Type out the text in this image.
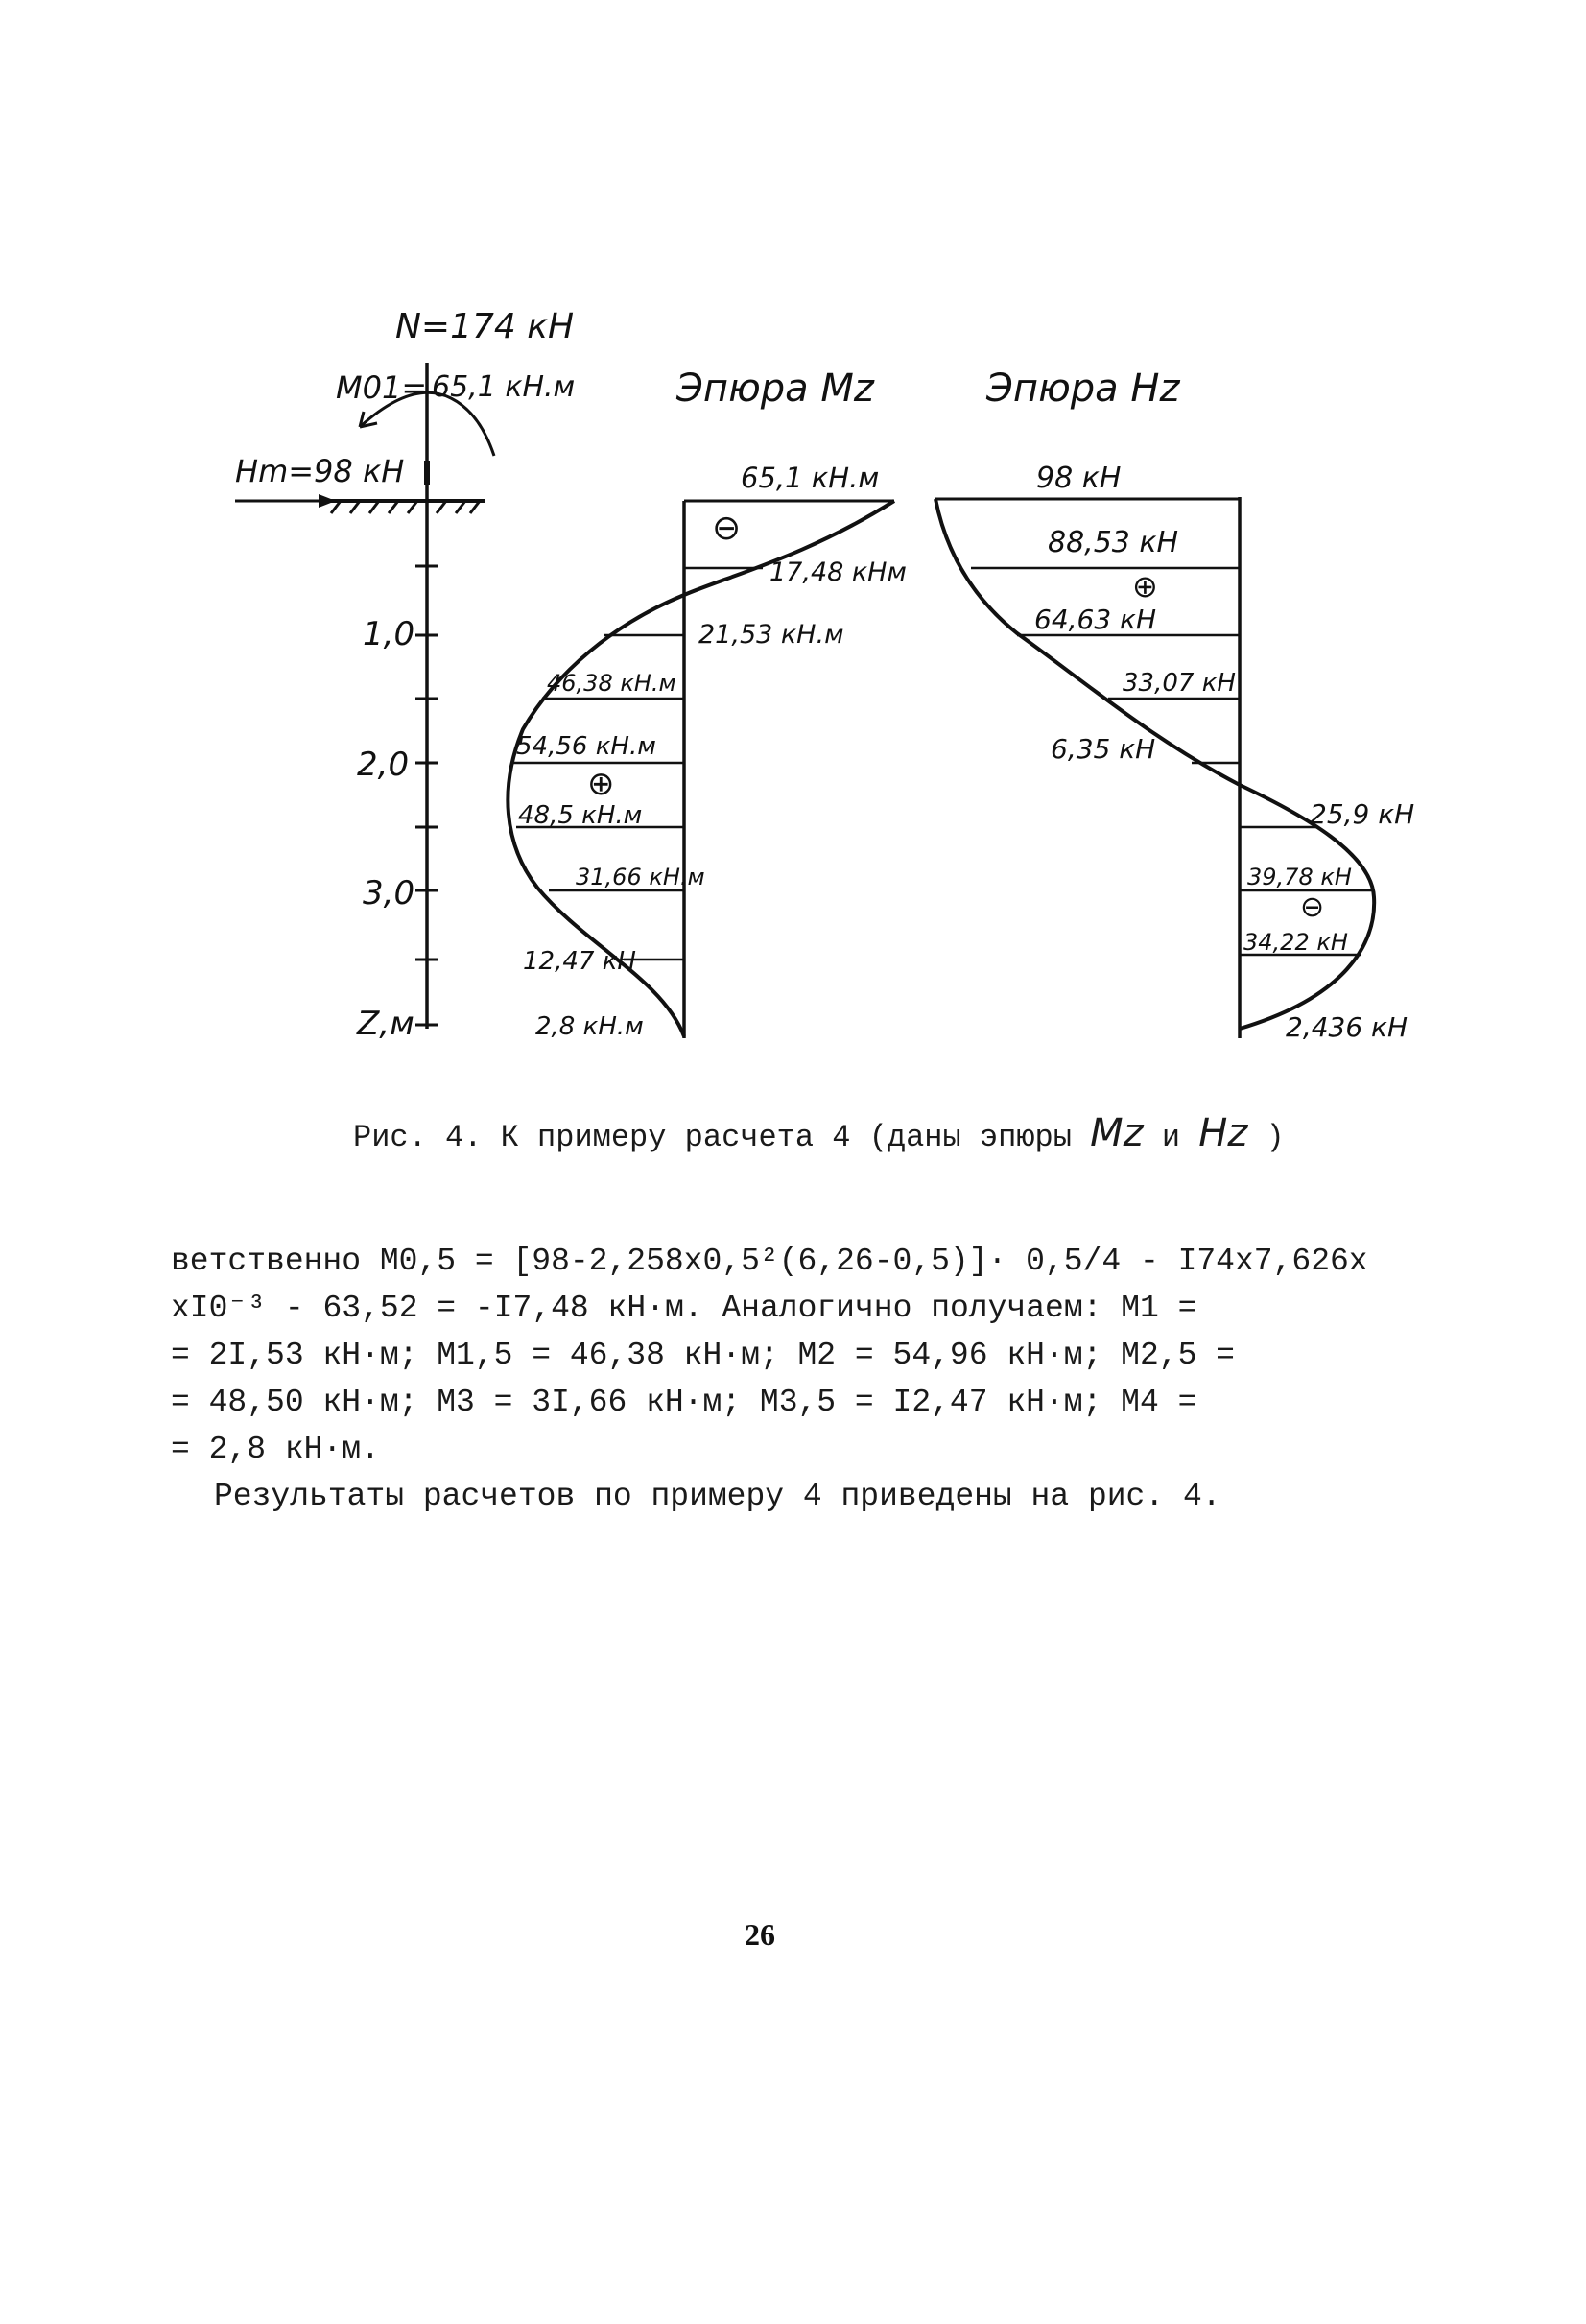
N=174 кН
M01= 65,1 кН.м
Hm=98 кН
1,0
2,0
3,0
Z,м
Эпюра Mz
⊖
⊕
65,1 кН.м
17,48 кНм
21,53 кН.м
46,38 кН.м
54,56 кН.м
48,5 кН.м
31,66 кН.м
12,47 кН
2,8 кН.м
Эпюра Hz
98 кН
88,53 кН
⊕
64,63 кН
33,07 кН
6,35 кН
25,9 кН
39,78 кН
⊖
34,22 кН
2,436 кН
Рис. 4. К примеру расчета 4 (даны эпюры Mz и Hz )
ветственно M0,5 = [98-2,258x0,5²(6,26-0,5)]· 0,5/4 - I74x7,626x
xI0⁻³ - 63,52 = -I7,48 кН·м. Аналогично получаем: M1 =
= 2I,53 кН·м; M1,5 = 46,38 кН·м; M2 = 54,96 кН·м; M2,5 =
= 48,50 кН·м; M3 = 3I,66 кН·м; M3,5 = I2,47 кН·м; M4 =
= 2,8 кН·м.
Результаты расчетов по примеру 4 приведены на рис. 4.
26
